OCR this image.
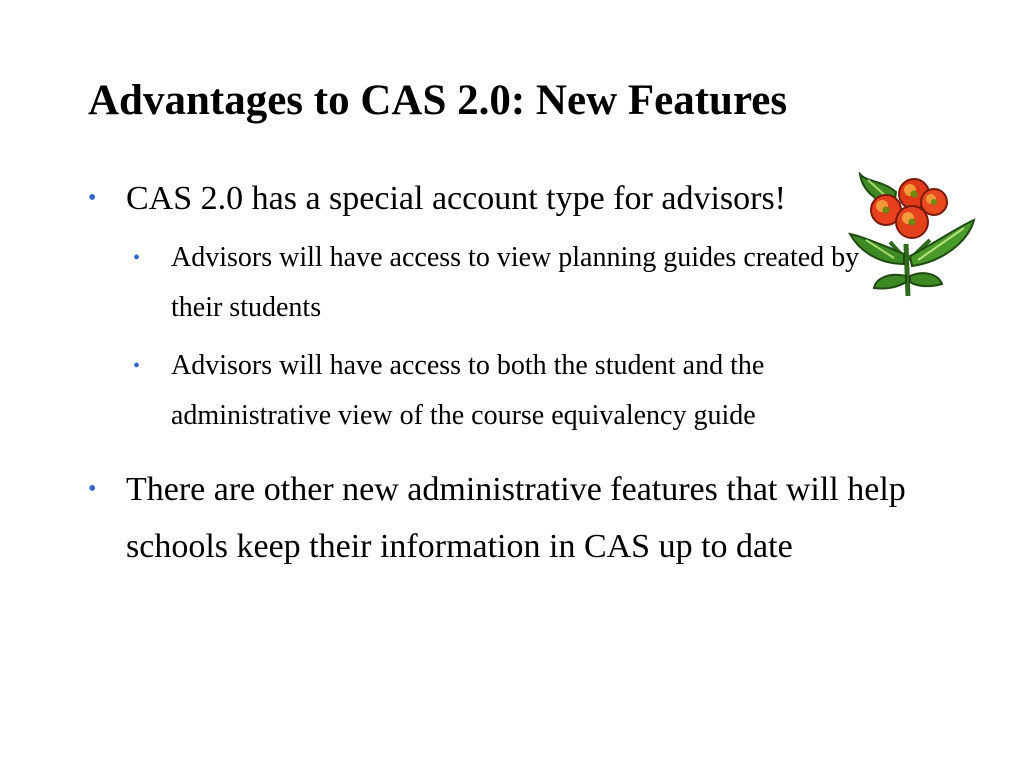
Advantages to CAS 2.0: New Features
• CAS 2.0 has a special account type for advisors!
• Advisors will have access to view planning guides created by their students
• Advisors will have access to both the student and the administrative view of the course equivalency guide
• There are other new administrative features that will help schools keep their information in CAS up to date
